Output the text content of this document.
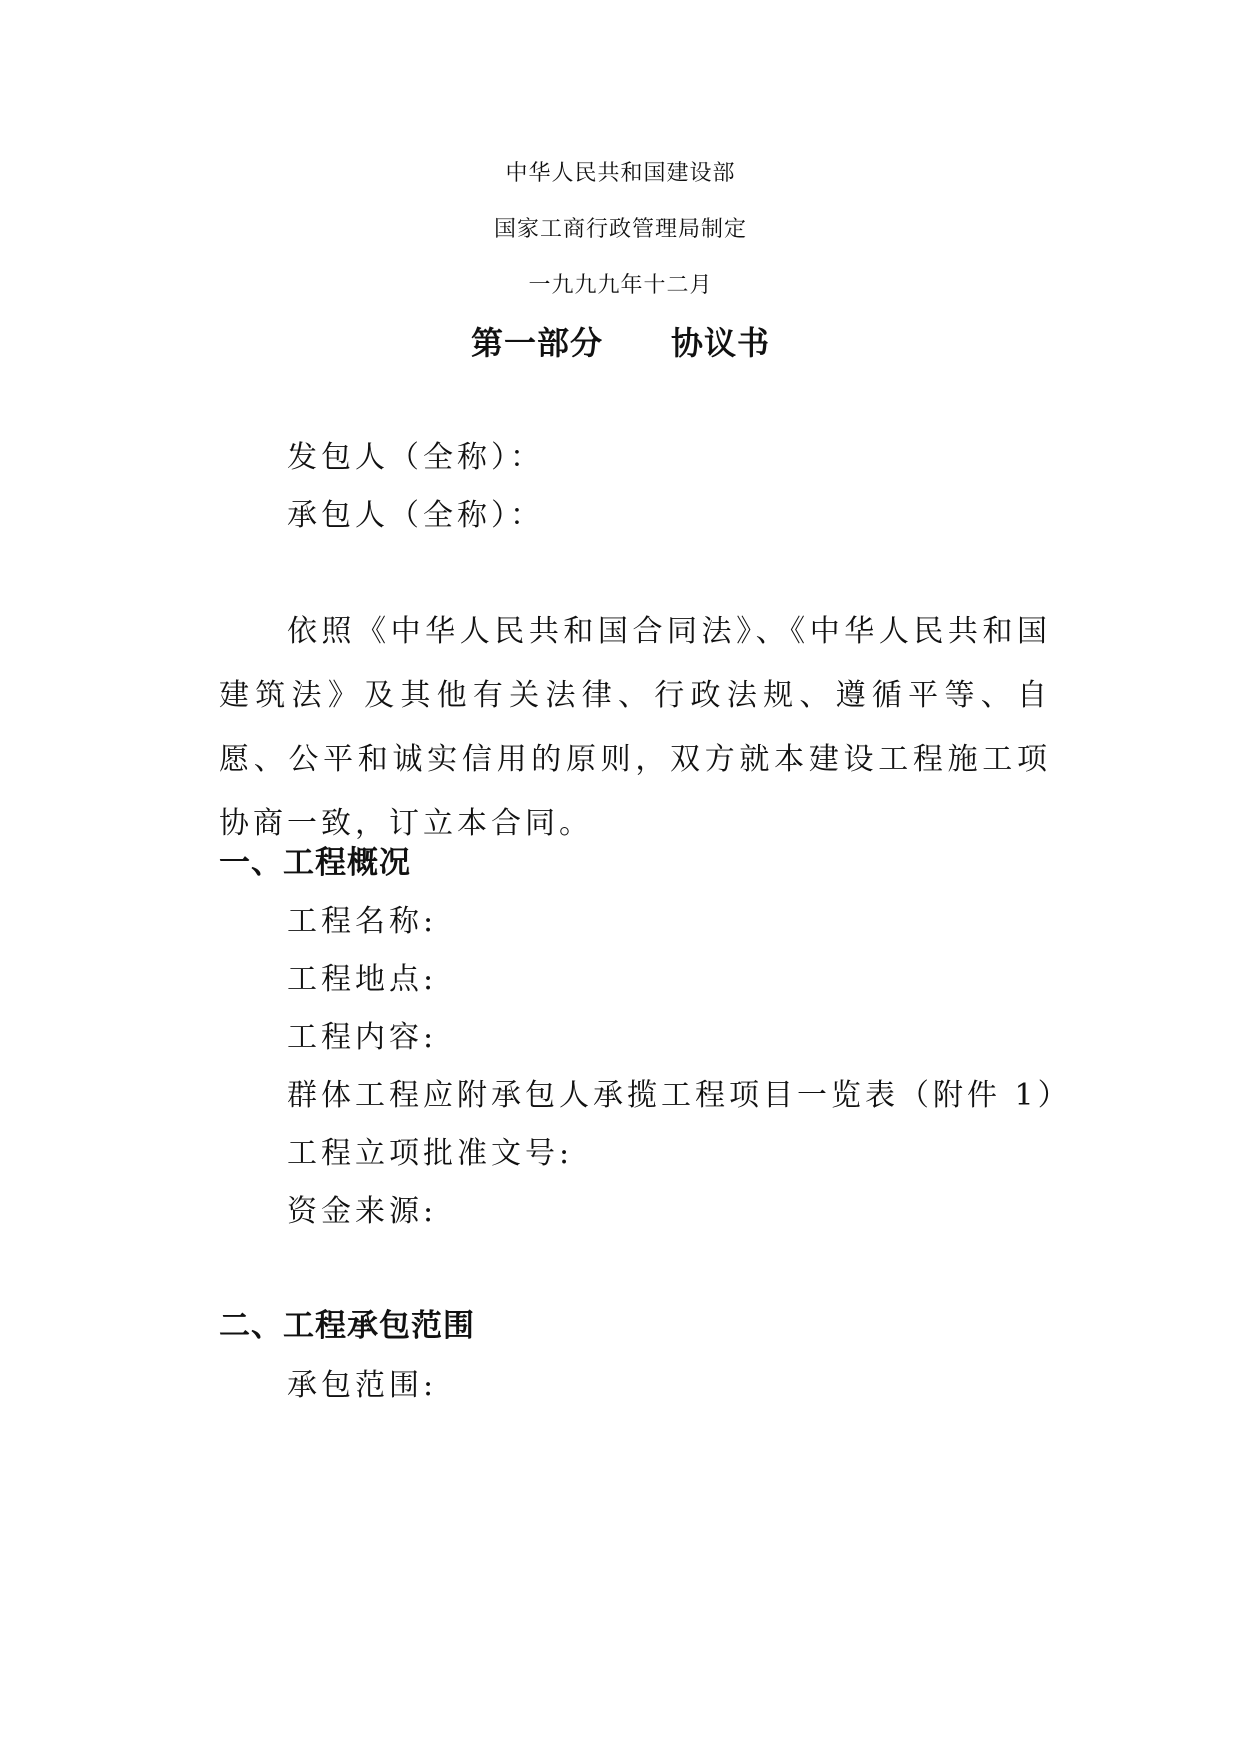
中华人民共和国建设部
国家工商行政管理局制定
一九九九年十二月
第一部分 协议书
发包人（全称）：
承包人（全称）：
依照《中华人民共和国合同法》、《中华人民共和国建筑法》及其他有关法律、行政法规、遵循平等、自愿、公平和诚实信用的原则，双方就本建设工程施工项协商一致，订立本合同。
一、工程概况
工程名称:
工程地点:
工程内容:
群体工程应附承包人承揽工程项目一览表（附件 1）
工程立项批准文号:
资金来源:
二、工程承包范围
承包范围:
